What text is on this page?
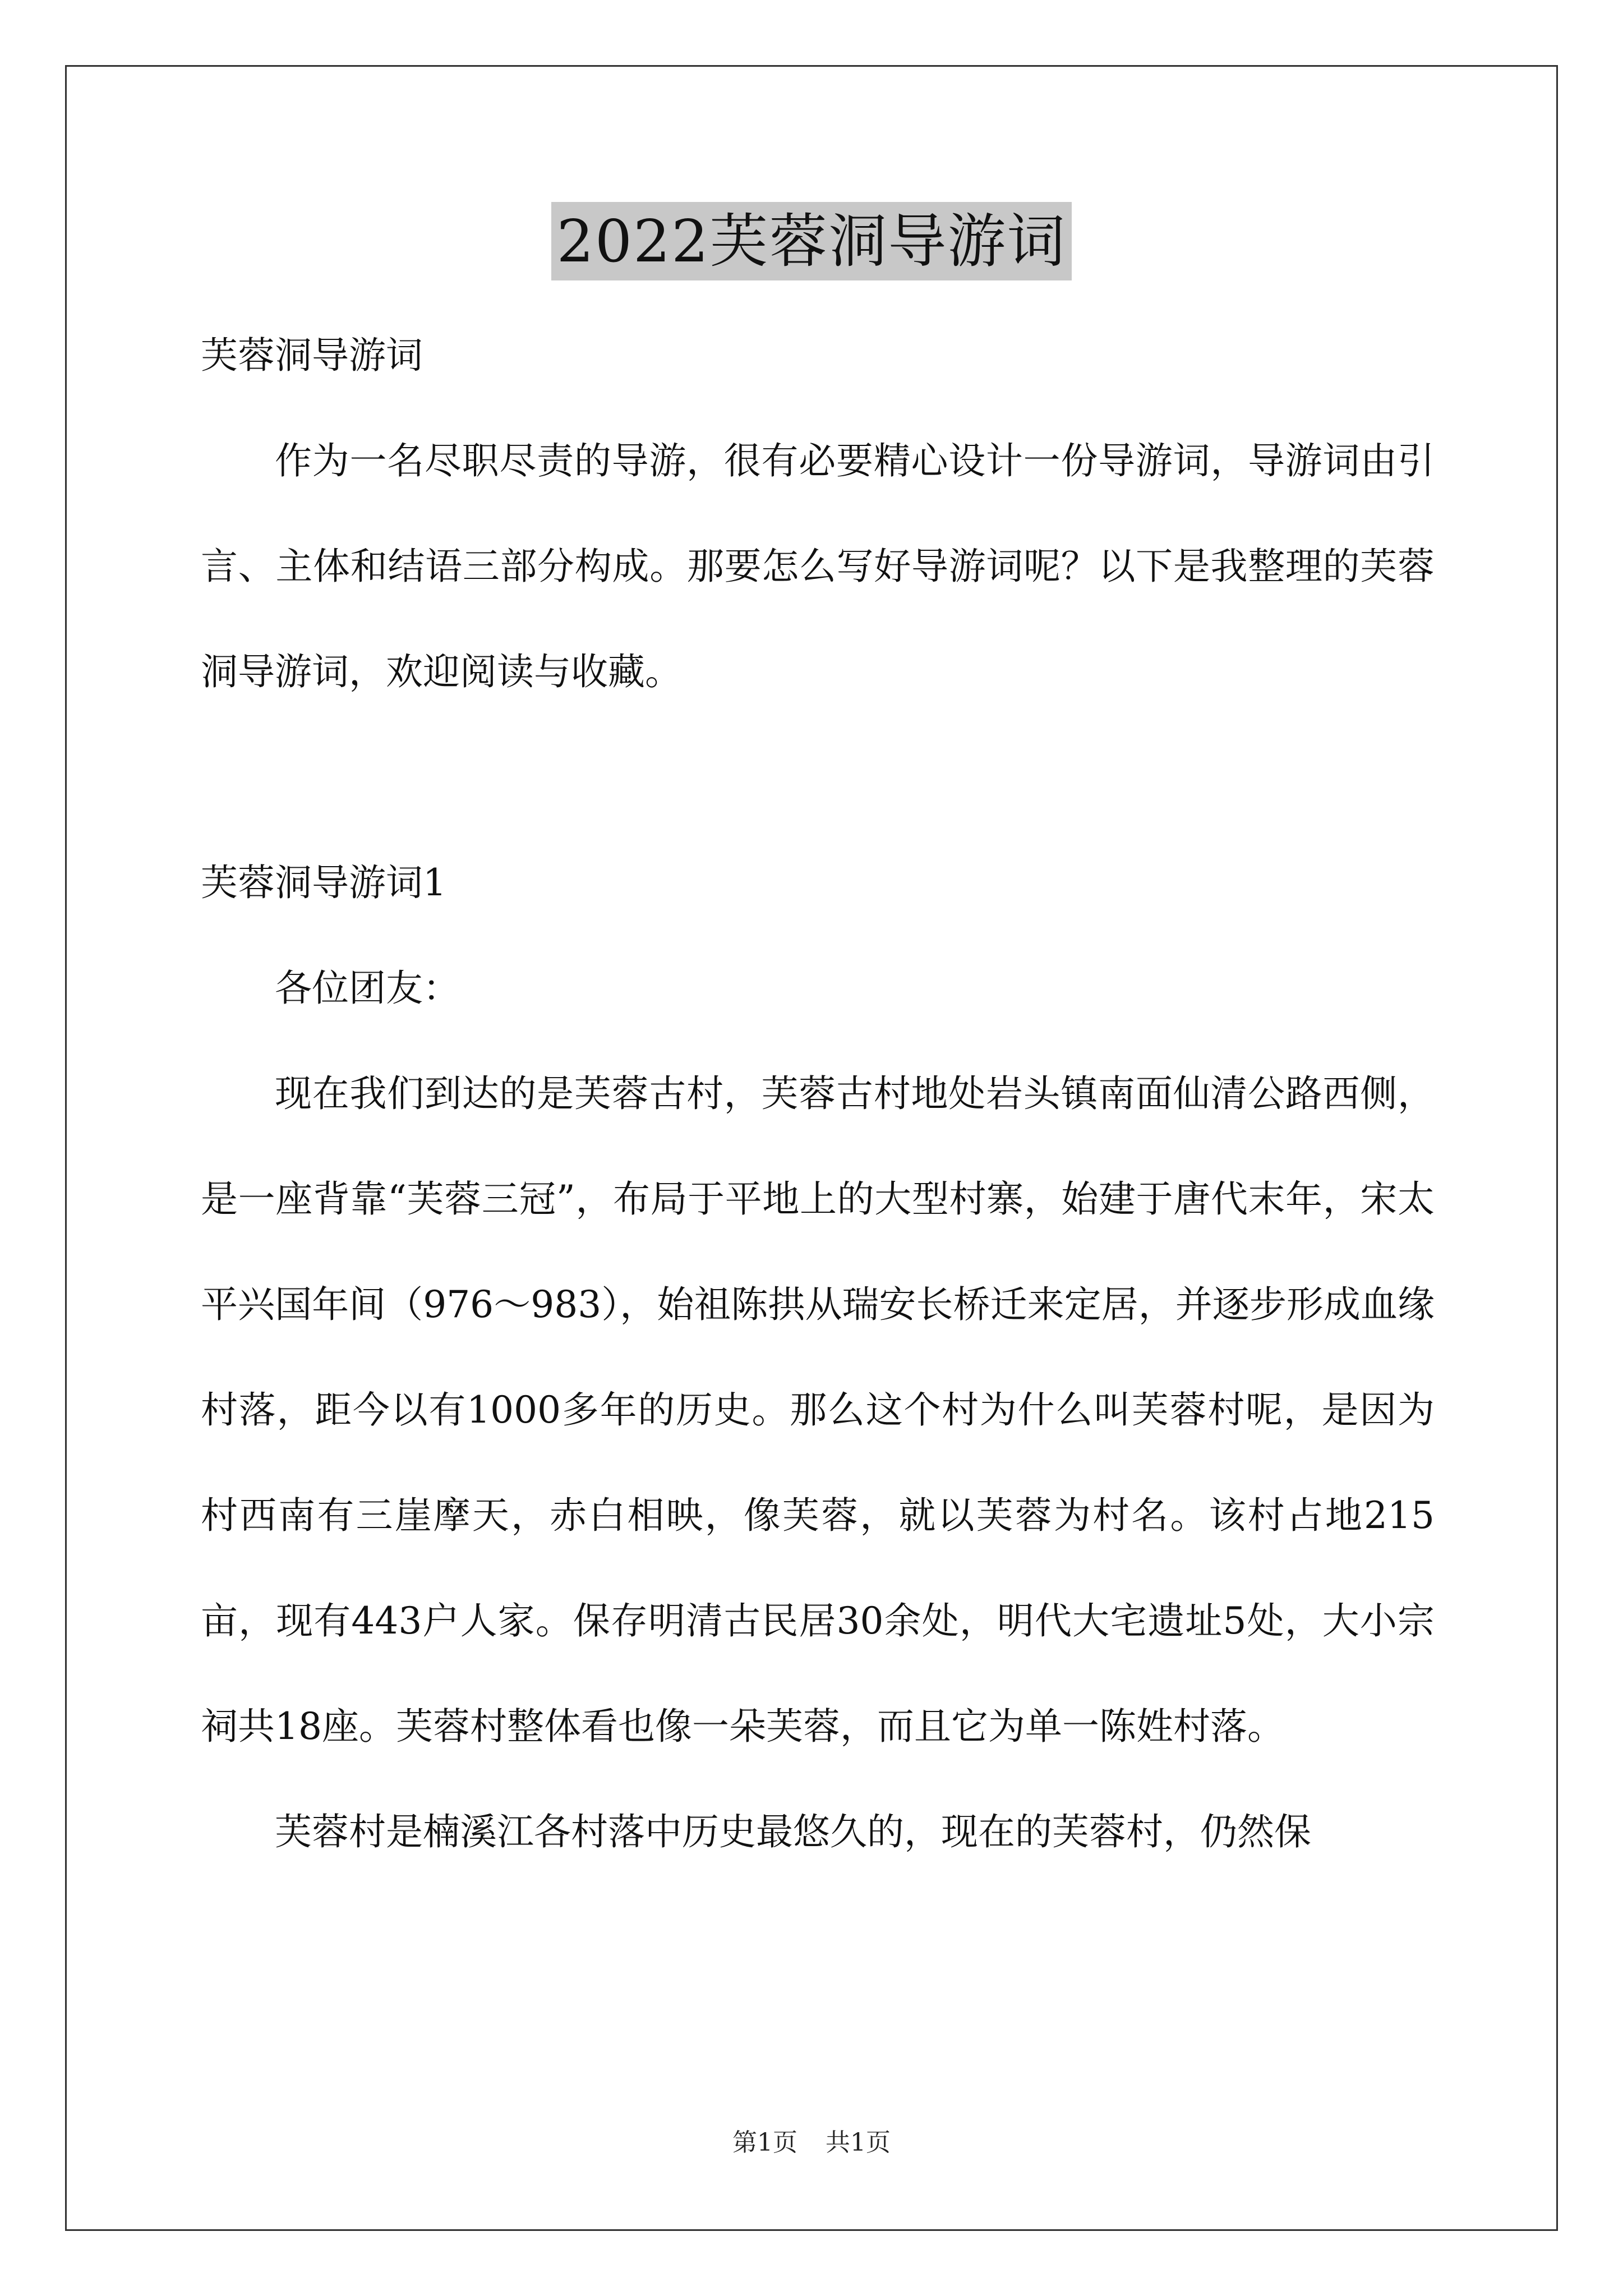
2022芙蓉洞导游词

芙蓉洞导游词

作为一名尽职尽责的导游，很有必要精心设计一份导游词，导游词由引言、主体和结语三部分构成。那要怎么写好导游词呢？以下是我整理的芙蓉洞导游词，欢迎阅读与收藏。

芙蓉洞导游词1

各位团友：

现在我们到达的是芙蓉古村，芙蓉古村地处岩头镇南面仙清公路西侧，是一座背靠“芙蓉三冠”，布局于平地上的大型村寨，始建于唐代末年，宋太平兴国年间（976～983），始祖陈拱从瑞安长桥迁来定居，并逐步形成血缘村落，距今以有1000多年的历史。那么这个村为什么叫芙蓉村呢，是因为村西南有三崖摩天，赤白相映，像芙蓉，就以芙蓉为村名。该村占地215亩，现有443户人家。保存明清古民居30余处，明代大宅遗址5处，大小宗祠共18座。芙蓉村整体看也像一朵芙蓉，而且它为单一陈姓村落。

芙蓉村是楠溪江各村落中历史最悠久的，现在的芙蓉村，仍然保

第1页 共1页
